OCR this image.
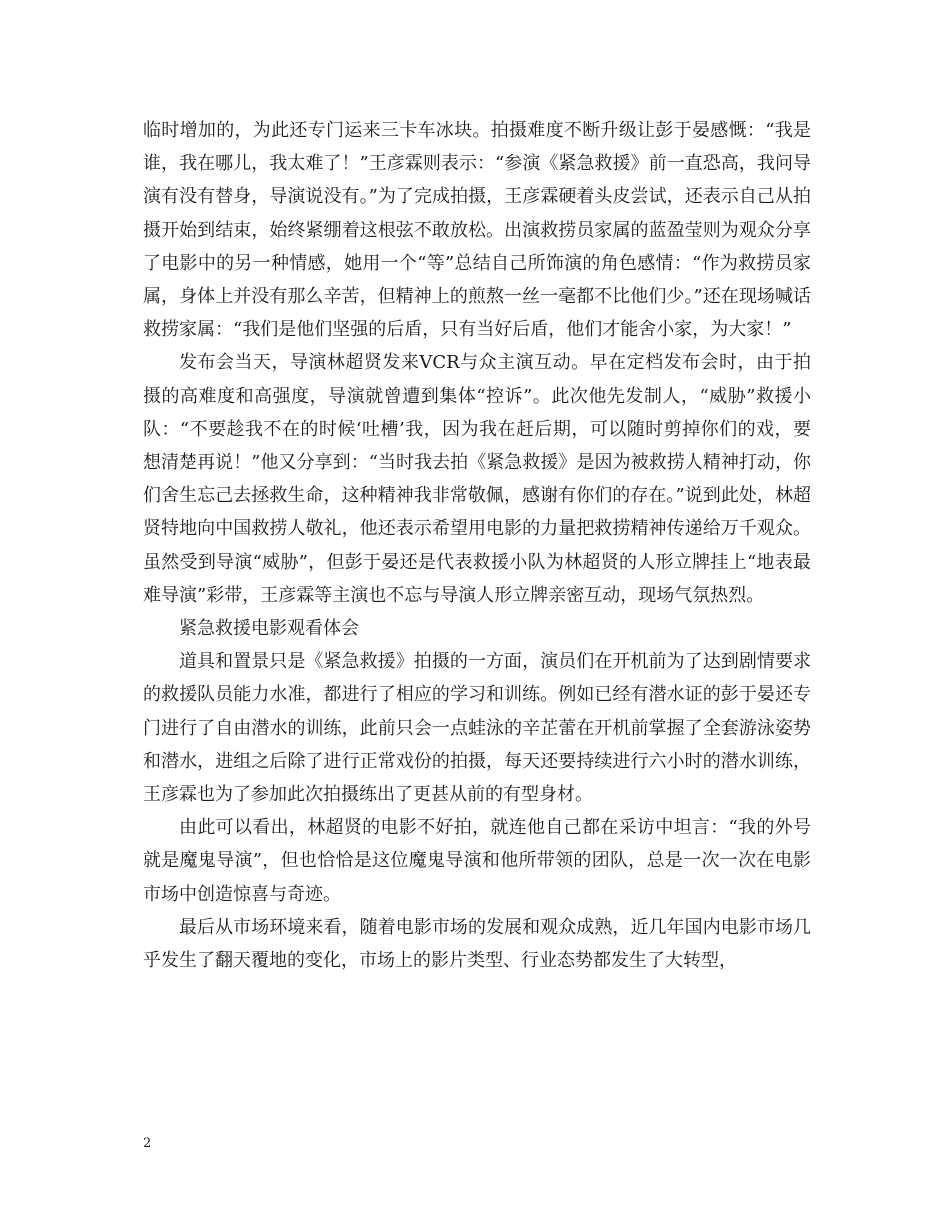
临时增加的，为此还专门运来三卡车冰块。拍摄难度不断升级让彭于晏感慨：“我是谁，我在哪儿，我太难了！”王彦霖则表示：“参演《紧急救援》前一直恐高，我问导演有没有替身，导演说没有。”为了完成拍摄，王彦霖硬着头皮尝试，还表示自己从拍摄开始到结束，始终紧绷着这根弦不敢放松。出演救捞员家属的蓝盈莹则为观众分享了电影中的另一种情感，她用一个“等”总结自己所饰演的角色感情：“作为救捞员家属，身体上并没有那么辛苦，但精神上的煎熬一丝一毫都不比他们少。”还在现场喊话救捞家属：“我们是他们坚强的后盾，只有当好后盾，他们才能舍小家，为大家！”

发布会当天，导演林超贤发来VCR与众主演互动。早在定档发布会时，由于拍摄的高难度和高强度，导演就曾遭到集体“控诉”。此次他先发制人，“威胁”救援小队：“不要趁我不在的时候‘吐槽’我，因为我在赶后期，可以随时剪掉你们的戏，要想清楚再说！”他又分享到：“当时我去拍《紧急救援》是因为被救捞人精神打动，你们舍生忘己去拯救生命，这种精神我非常敬佩，感谢有你们的存在。”说到此处，林超贤特地向中国救捞人敬礼，他还表示希望用电影的力量把救捞精神传递给万千观众。虽然受到导演“威胁”，但彭于晏还是代表救援小队为林超贤的人形立牌挂上“地表最难导演”彩带，王彦霖等主演也不忘与导演人形立牌亲密互动，现场气氛热烈。

紧急救援电影观看体会

道具和置景只是《紧急救援》拍摄的一方面，演员们在开机前为了达到剧情要求的救援队员能力水准，都进行了相应的学习和训练。例如已经有潜水证的彭于晏还专门进行了自由潜水的训练，此前只会一点蛙泳的辛芷蕾在开机前掌握了全套游泳姿势和潜水，进组之后除了进行正常戏份的拍摄，每天还要持续进行六小时的潜水训练，王彦霖也为了参加此次拍摄练出了更甚从前的有型身材。

由此可以看出，林超贤的电影不好拍，就连他自己都在采访中坦言：“我的外号就是魔鬼导演”，但也恰恰是这位魔鬼导演和他所带领的团队，总是一次一次在电影市场中创造惊喜与奇迹。

最后从市场环境来看，随着电影市场的发展和观众成熟，近几年国内电影市场几乎发生了翻天覆地的变化，市场上的影片类型、行业态势都发生了大转型，

2
